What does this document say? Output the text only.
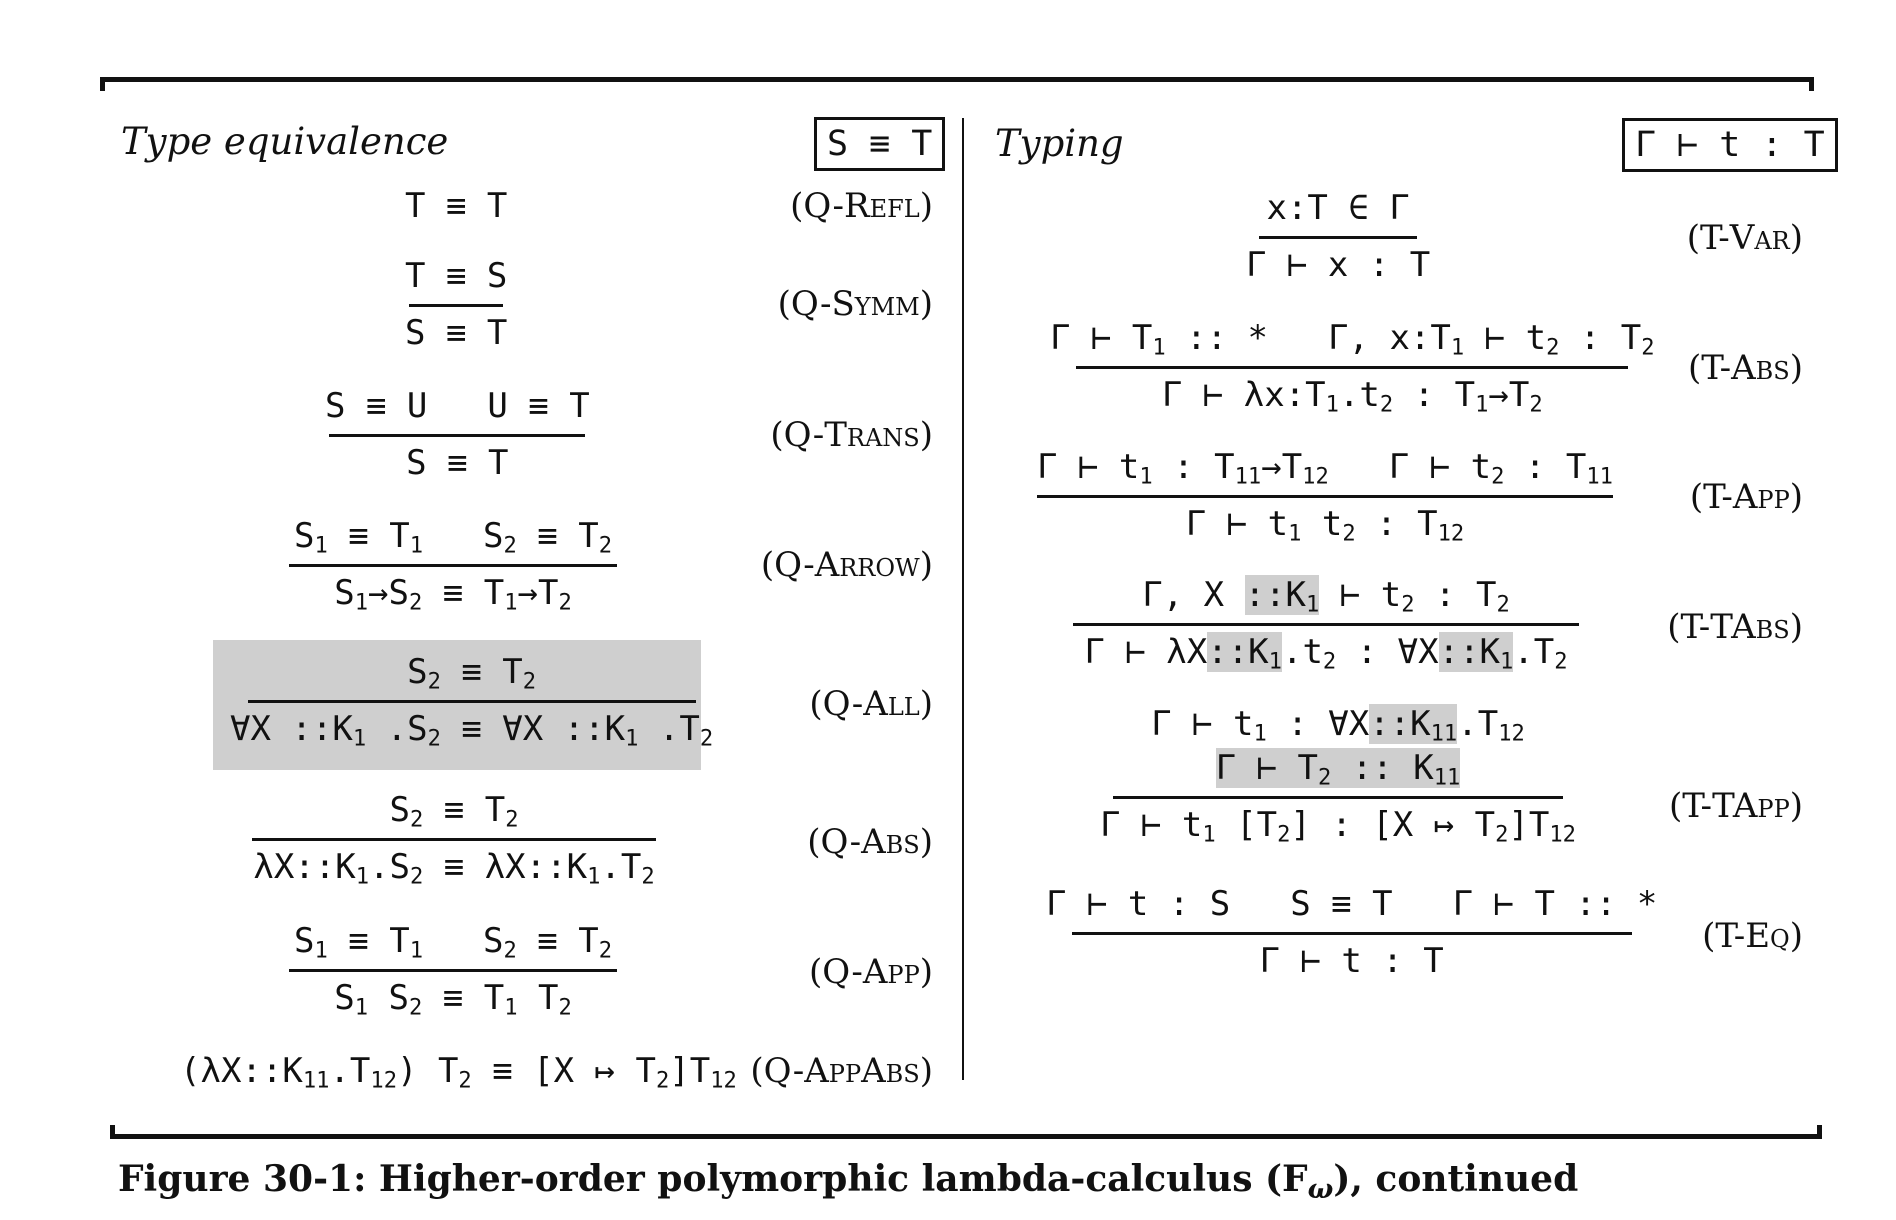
Type equivalence	S ≡ T
T ≡ T	(Q-Refl)
T ≡ S
S ≡ T
(Q-Symm)
S ≡ U U ≡ T
S ≡ T
(Q-Trans)
$S_1 \equiv T_1$ $S_2 \equiv T_2$
$S_1\to S_2 \equiv T_1\to T_2$
(Q-Arrow)
$S_2 \equiv T_2$
∀X $::K_1$ $.S_2$ ≡ ∀X $::K_1$ $.T_2$
(Q-All)
$S_2 \equiv T_2$
$\lambda X::K_1.S_2$ ≡ $\lambda X::K_1.T_2$
(Q-Abs)
$S_1 \equiv T_1$ $S_2 \equiv T_2$
$S_1$ $S_2 \equiv T_1$ $T_2$
(Q-App)
$(\lambda X::K_{11}.T_{12}) T_2 \equiv [X$ ↦ $T_2]T_{12}$ (Q-AppAbs)
Typing	Γ ⊢ t : T
x:T ∈ Γ
Γ ⊢ x : T
(T-Var)
Γ ⊢ $T_1$ :: * Γ, $x:T_1$ ⊢ $t_2$ : $T_2$
Γ ⊢ $\lambda x:T_1.t_2$ : $T_1\to T_2$
(T-Abs)
Γ ⊢ $t_1$ : $T_{11}\to T_{12}$ Γ ⊢ $t_2$ : $T_{11}$
Γ ⊢ $t_1$ $t_2$ : $T_{12}$
(T-App)
Γ, X $::K_1$ ⊢ $t_2$ : $T_2$
Γ ⊢ $\lambda X::K_1.t_2$ : $\forall X::K_1.T_2$
(T-TAbs)
Γ ⊢ $t_1$ : $\forall X::K_{11}.T_{12}$
Γ ⊢ $T_2$ :: $K_{11}$
Γ ⊢ $t_1$ $[T_2]$ : [X ↦ $T_2]T_{12}$
(T-TApp)
Γ ⊢ t : S S ≡ T Γ ⊢ T :: *
Γ ⊢ t : T
(T-Eq)
Figure 30-1: Higher-order polymorphic lambda-calculus (Fω), continued
